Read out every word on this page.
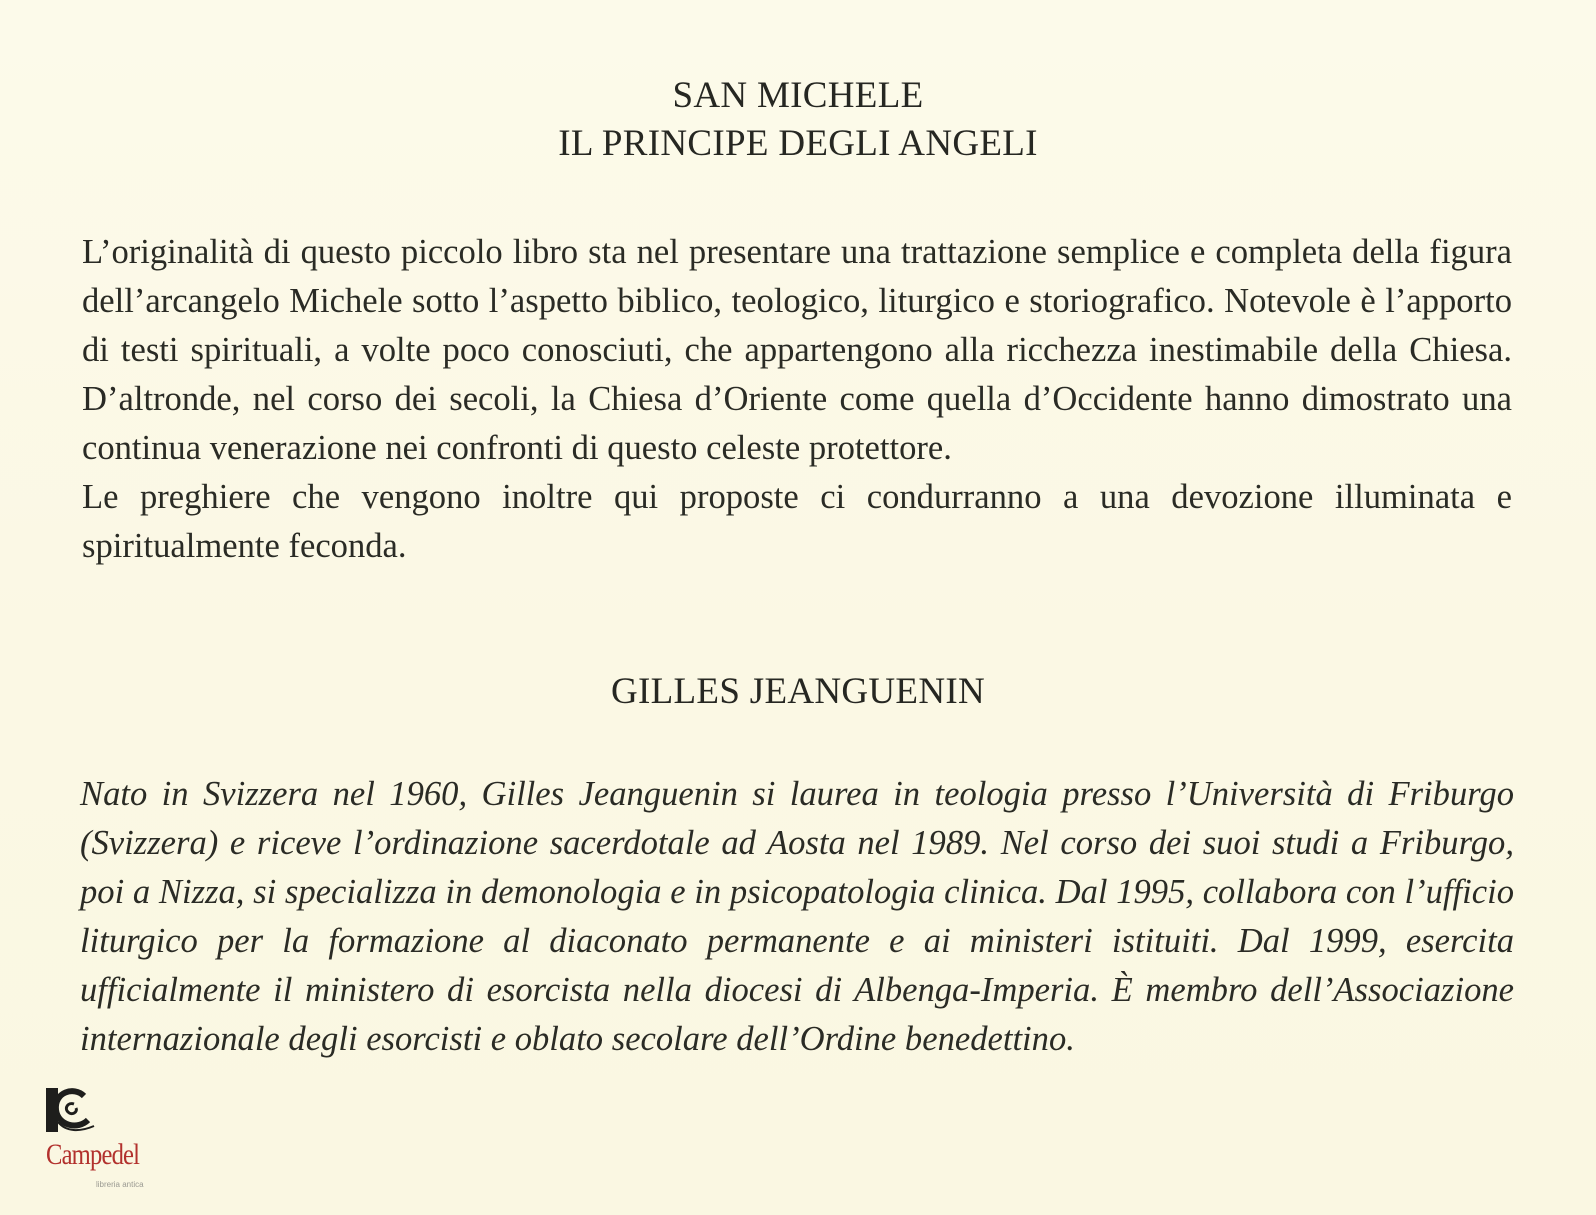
SAN MICHELE
IL PRINCIPE DEGLI ANGELI

L’originalità di questo piccolo libro sta nel presentare una trattazione semplice e completa della figura dell’arcangelo Michele sotto l’aspetto biblico, teologico, liturgico e storiografico. Notevole è l’apporto di testi spirituali, a volte poco conosciuti, che appartengono alla ricchezza inestimabile della Chiesa. D’altronde, nel corso dei secoli, la Chiesa d’Oriente come quella d’Occidente hanno dimostrato una continua venerazione nei confronti di questo celeste protettore.

Le preghiere che vengono inoltre qui proposte ci condurranno a una devozione illuminata e spiritualmente feconda.

GILLES JEANGUENIN

Nato in Svizzera nel 1960, Gilles Jeanguenin si laurea in teologia presso l’Università di Friburgo (Svizzera) e riceve l’ordinazione sacerdotale ad Aosta nel 1989. Nel corso dei suoi studi a Friburgo, poi a Nizza, si specializza in demonologia e in psicopatologia clinica. Dal 1995, collabora con l’ufficio liturgico per la formazione al diaconato permanente e ai ministeri istituiti. Dal 1999, esercita ufficialmente il ministero di esorcista nella diocesi di Albenga-Imperia. È membro dell’Associazione internazionale degli esorcisti e oblato secolare dell’Ordine benedettino.

Campedel
libreria antica
